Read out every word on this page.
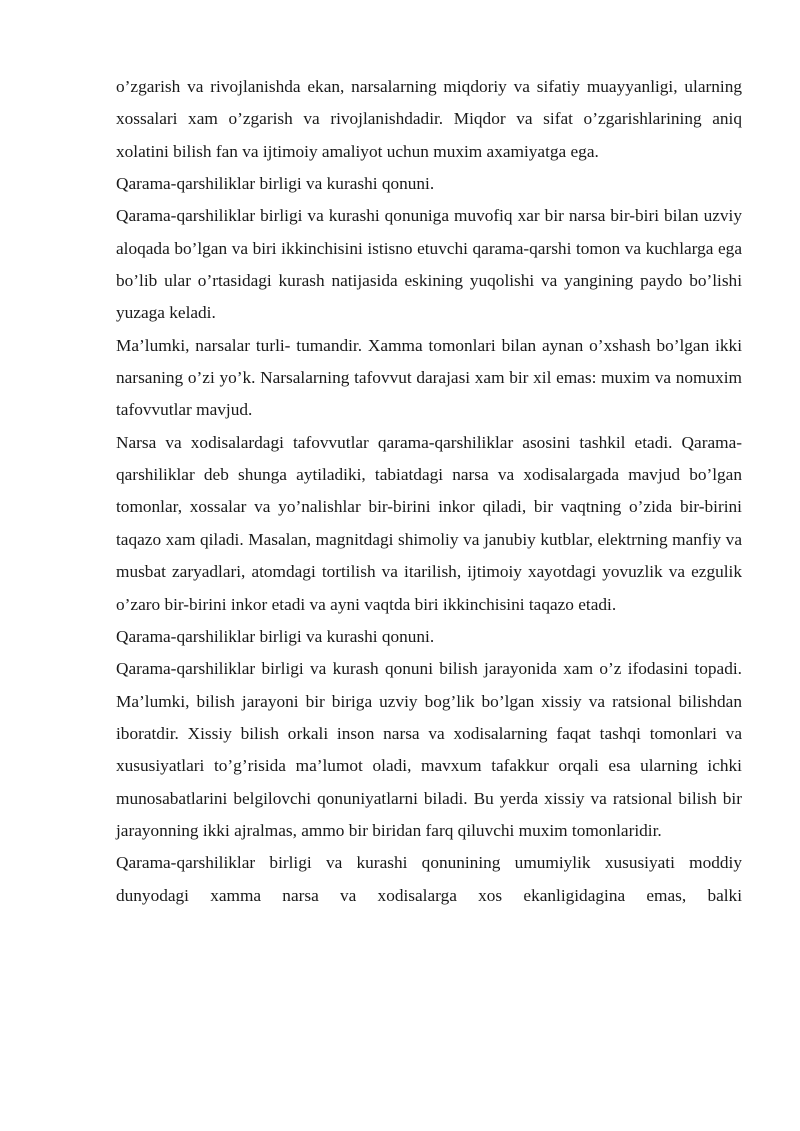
o’zgarish va rivojlanishda ekan, narsalarning miqdoriy va sifatiy muayyanligi, ularning xossalari xam o’zgarish va rivojlanishdadir. Miqdor va sifat o’zgarishlarining aniq xolatini bilish fan va ijtimoiy amaliyot uchun muxim axamiyatga ega.

Qarama-qarshiliklar birligi va kurashi qonuni.

Qarama-qarshiliklar birligi va kurashi qonuniga muvofiq xar bir narsa bir-biri bilan uzviy aloqada bo’lgan va biri ikkinchisini istisno etuvchi qarama-qarshi tomon va kuchlarga ega bo’lib ular o’rtasidagi kurash natijasida eskining yuqolishi va yangining paydo bo’lishi yuzaga keladi.

Ma’lumki, narsalar turli- tumandir. Xamma tomonlari bilan aynan o’xshash bo’lgan ikki narsaning o’zi yo’k. Narsalarning tafovvut darajasi xam bir xil emas: muxim va nomuxim tafovvutlar mavjud.

Narsa va xodisalardagi tafovvutlar qarama-qarshiliklar asosini tashkil etadi. Qarama-qarshiliklar deb shunga aytiladiki, tabiatdagi narsa va xodisalargada mavjud bo’lgan tomonlar, xossalar va yo’nalishlar bir-birini inkor qiladi, bir vaqtning o’zida bir-birini taqazo xam qiladi. Masalan, magnitdagi shimoliy va janubiy kutblar, elektrning manfiy va musbat zaryadlari, atomdagi tortilish va itarilish, ijtimoiy xayotdagi yovuzlik va ezgulik o’zaro bir-birini inkor etadi va ayni vaqtda biri ikkinchisini taqazo etadi.

Qarama-qarshiliklar birligi va kurashi qonuni.

Qarama-qarshiliklar birligi va kurash qonuni bilish jarayonida xam o’z ifodasini topadi. Ma’lumki, bilish jarayoni bir biriga uzviy bog’lik bo’lgan xissiy va ratsional bilishdan iboratdir. Xissiy bilish orkali inson narsa va xodisalarning faqat tashqi tomonlari va xususiyatlari to’g’risida ma’lumot oladi, mavxum tafakkur orqali esa ularning ichki munosabatlarini belgilovchi qonuniyatlarni biladi. Bu yerda xissiy va ratsional bilish bir jarayonning ikki ajralmas, ammo bir biridan farq qiluvchi muxim tomonlaridir.

Qarama-qarshiliklar birligi va kurashi qonunining umumiylik xususiyati moddiy dunyodagi xamma narsa va xodisalarga xos ekanligidagina emas, balki
